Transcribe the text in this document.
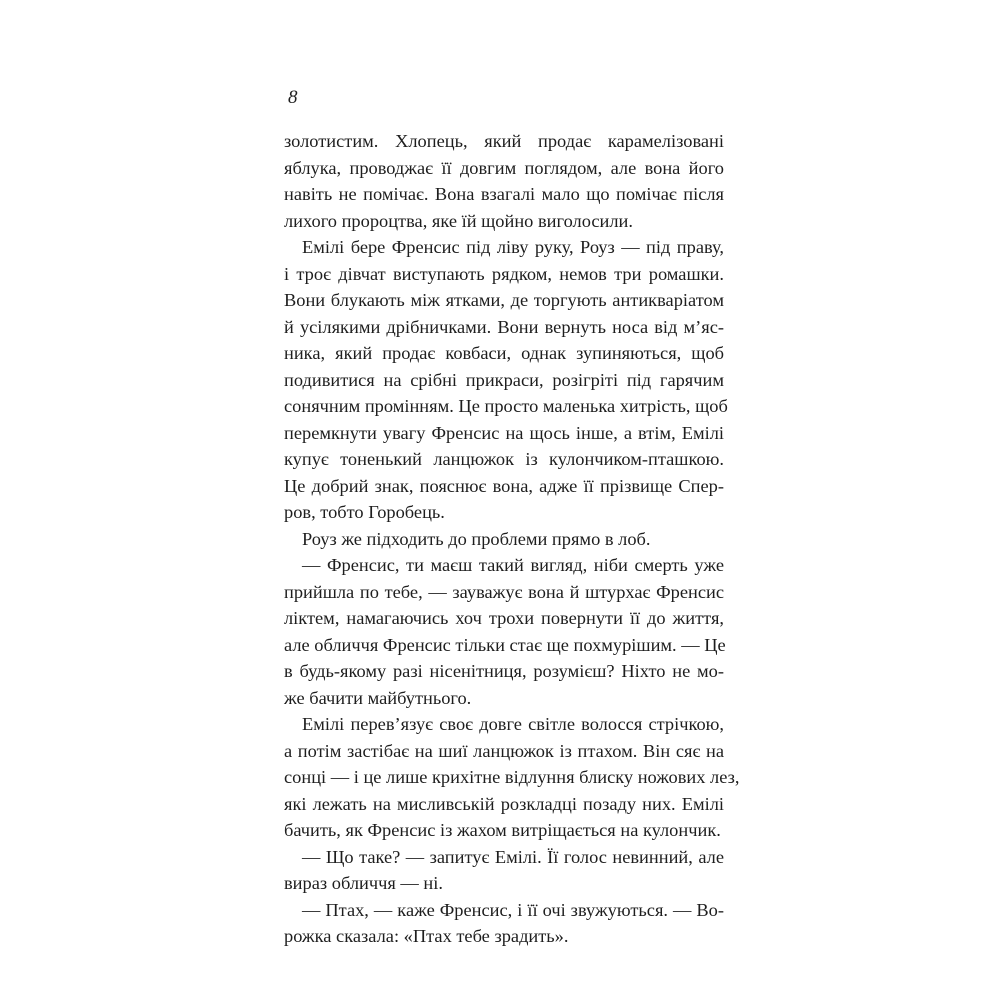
8
золотистим. Хлопець, який продає карамелізовані
яблука, проводжає її довгим поглядом, але вона його
навіть не помічає. Вона взагалі мало що помічає після
лихого пророцтва, яке їй щойно виголосили.
Емілі бере Френсис під ліву руку, Роуз — під праву,
і троє дівчат виступають рядком, немов три ромашки.
Вони блукають між ятками, де торгують антикваріатом
й усілякими дрібничками. Вони вернуть носа від м’яс-
ника, який продає ковбаси, однак зупиняються, щоб
подивитися на срібні прикраси, розігріті під гарячим
сонячним промінням. Це просто маленька хитрість, щоб
перемкнути увагу Френсис на щось інше, а втім, Емілі
купує тоненький ланцюжок із кулончиком-пташкою.
Це добрий знак, пояснює вона, адже її прізвище Спер-
ров, тобто Горобець.
Роуз же підходить до проблеми прямо в лоб.
— Френсис, ти маєш такий вигляд, ніби смерть уже
прийшла по тебе, — зауважує вона й штурхає Френсис
ліктем, намагаючись хоч трохи повернути її до життя,
але обличчя Френсис тільки стає ще похмурішим. — Це
в будь-якому разі нісенітниця, розумієш? Ніхто не мо-
же бачити майбутнього.
Емілі перев’язує своє довге світле волосся стрічкою,
а потім застібає на шиї ланцюжок із птахом. Він сяє на
сонці — і це лише крихітне відлуння блиску ножових лез,
які лежать на мисливській розкладці позаду них. Емілі
бачить, як Френсис із жахом витріщається на кулончик.
— Що таке? — запитує Емілі. Її голос невинний, але
вираз обличчя — ні.
— Птах, — каже Френсис, і її очі звужуються. — Во-
рожка сказала: «Птах тебе зрадить».
